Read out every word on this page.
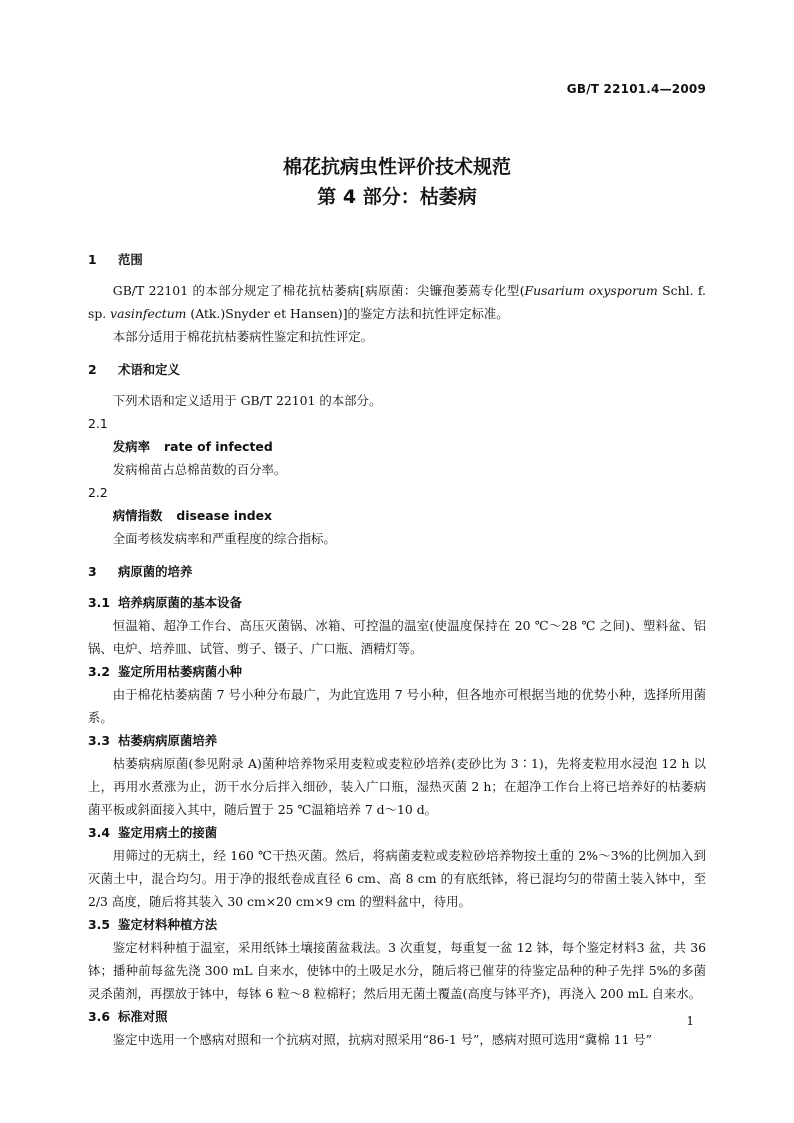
GB/T 22101.4—2009
棉花抗病虫性评价技术规范
第 4 部分：枯萎病
1 范围

GB/T 22101 的本部分规定了棉花抗枯萎病[病原菌：尖镰孢萎蔫专化型(Fusarium oxysporum Schl. f. sp. vasinfectum (Atk.)Snyder et Hansen)]的鉴定方法和抗性评定标准。

本部分适用于棉花抗枯萎病性鉴定和抗性评定。

2 术语和定义

下列术语和定义适用于 GB/T 22101 的本部分。

2.1
发病率 rate of infected

发病棉苗占总棉苗数的百分率。

2.2
病情指数 disease index

全面考核发病率和严重程度的综合指标。

3 病原菌的培养
3.1 培养病原菌的基本设备

恒温箱、超净工作台、高压灭菌锅、冰箱、可控温的温室(使温度保持在 20 ℃～28 ℃ 之间)、塑料盆、铝锅、电炉、培养皿、试管、剪子、镊子、广口瓶、酒精灯等。

3.2 鉴定所用枯萎病菌小种

由于棉花枯萎病菌 7 号小种分布最广，为此宜选用 7 号小种，但各地亦可根据当地的优势小种，选择所用菌系。

3.3 枯萎病病原菌培养

枯萎病病原菌(参见附录 A)菌种培养物采用麦粒或麦粒砂培养(麦砂比为 3∶1)，先将麦粒用水浸泡 12 h 以上，再用水煮涨为止，沥干水分后拌入细砂，装入广口瓶，湿热灭菌 2 h；在超净工作台上将已培养好的枯萎病菌平板或斜面接入其中，随后置于 25 ℃温箱培养 7 d～10 d。

3.4 鉴定用病土的接菌

用筛过的无病土，经 160 ℃干热灭菌。然后，将病菌麦粒或麦粒砂培养物按土重的 2%～3%的比例加入到灭菌土中，混合均匀。用于净的报纸卷成直径 6 cm、高 8 cm 的有底纸钵，将已混均匀的带菌土装入钵中，至 2/3 高度，随后将其装入 30 cm×20 cm×9 cm 的塑料盆中，待用。

3.5 鉴定材料种植方法

鉴定材料种植于温室，采用纸钵土壤接菌盆栽法。3 次重复，每重复一盆 12 钵，每个鉴定材料3 盆，共 36 钵；播种前每盆先浇 300 mL 自来水，使钵中的土吸足水分，随后将已催芽的待鉴定品种的种子先拌 5%的多菌灵杀菌剂，再摆放于钵中，每钵 6 粒～8 粒棉籽；然后用无菌土覆盖(高度与钵平齐)，再浇入 200 mL 自来水。

3.6 标准对照

鉴定中选用一个感病对照和一个抗病对照，抗病对照采用“86-1 号”，感病对照可选用“冀棉 11 号”

1
